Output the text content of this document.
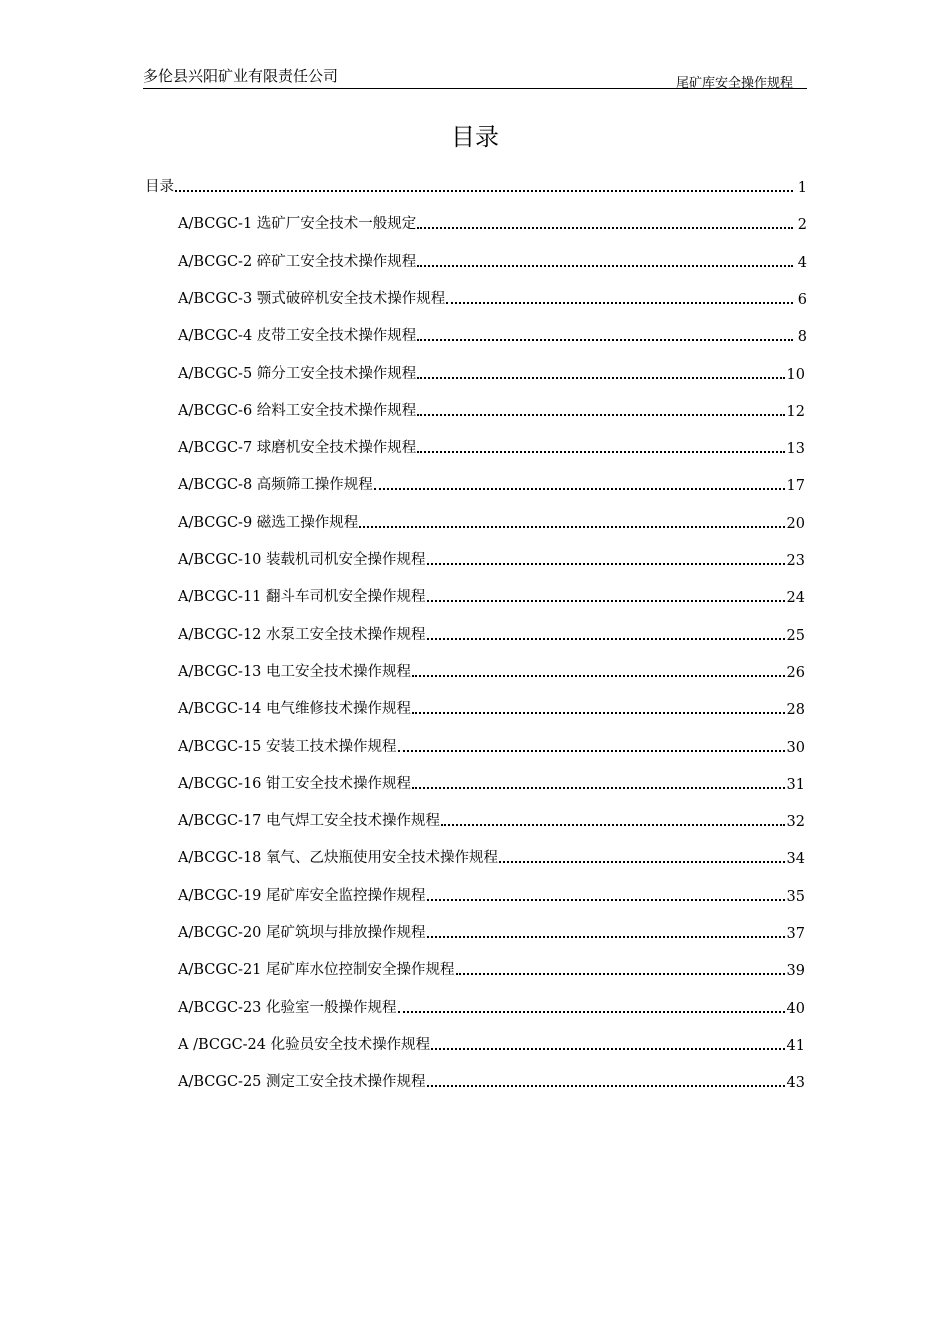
多伦县兴阳矿业有限责任公司	尾矿库安全操作规程
目录
目录	1
A/BCGC-1 选矿厂安全技术一般规定	2
A/BCGC-2 碎矿工安全技术操作规程	4
A/BCGC-3 颚式破碎机安全技术操作规程	6
A/BCGC-4 皮带工安全技术操作规程	8
A/BCGC-5 筛分工安全技术操作规程	10
A/BCGC-6 给料工安全技术操作规程	12
A/BCGC-7 球磨机安全技术操作规程	13
A/BCGC-8 高频筛工操作规程	17
A/BCGC-9 磁选工操作规程	20
A/BCGC-10 装载机司机安全操作规程	23
A/BCGC-11 翻斗车司机安全操作规程	24
A/BCGC-12 水泵工安全技术操作规程	25
A/BCGC-13 电工安全技术操作规程	26
A/BCGC-14 电气维修技术操作规程	28
A/BCGC-15 安装工技术操作规程	30
A/BCGC-16 钳工安全技术操作规程	31
A/BCGC-17 电气焊工安全技术操作规程	32
A/BCGC-18 氧气、乙炔瓶使用安全技术操作规程	34
A/BCGC-19 尾矿库安全监控操作规程	35
A/BCGC-20 尾矿筑坝与排放操作规程	37
A/BCGC-21 尾矿库水位控制安全操作规程	39
A/BCGC-23 化验室一般操作规程	40
A /BCGC-24 化验员安全技术操作规程	41
A/BCGC-25 测定工安全技术操作规程	43
